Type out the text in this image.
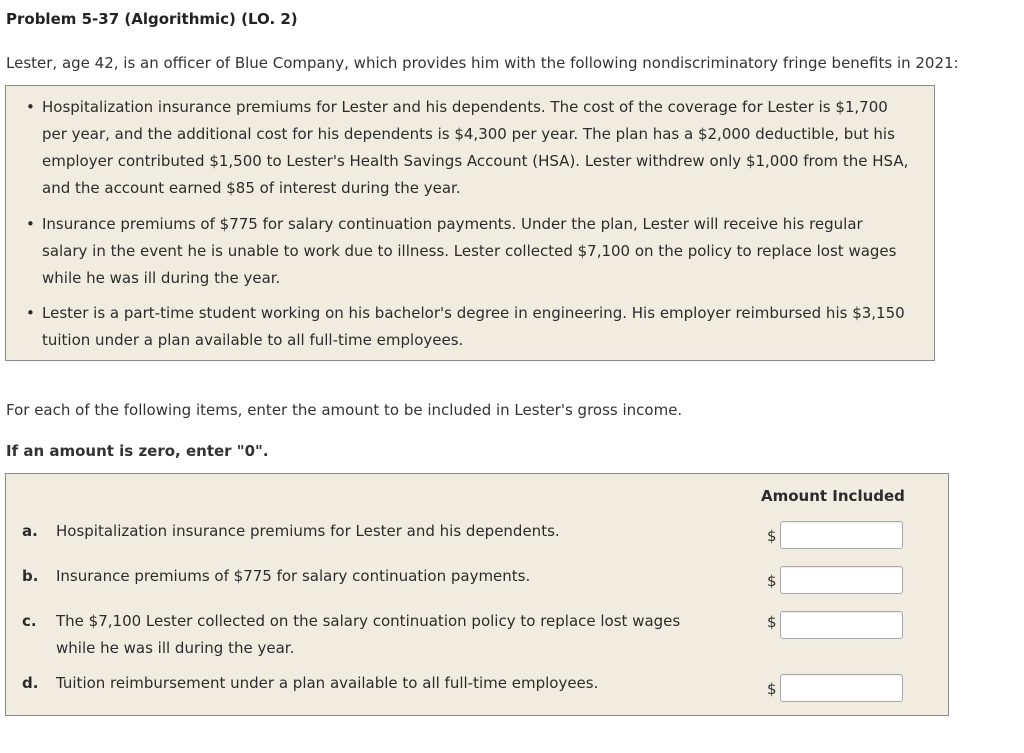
Problem 5-37 (Algorithmic) (LO. 2)

Lester, age 42, is an officer of Blue Company, which provides him with the following nondiscriminatory fringe benefits in 2021:

• Hospitalization insurance premiums for Lester and his dependents. The cost of the coverage for Lester is $1,700 per year, and the additional cost for his dependents is $4,300 per year. The plan has a $2,000 deductible, but his employer contributed $1,500 to Lester's Health Savings Account (HSA). Lester withdrew only $1,000 from the HSA, and the account earned $85 of interest during the year.
• Insurance premiums of $775 for salary continuation payments. Under the plan, Lester will receive his regular salary in the event he is unable to work due to illness. Lester collected $7,100 on the policy to replace lost wages while he was ill during the year.
• Lester is a part-time student working on his bachelor's degree in engineering. His employer reimbursed his $3,150 tuition under a plan available to all full-time employees.

For each of the following items, enter the amount to be included in Lester's gross income.

If an amount is zero, enter "0".

Amount Included
a. Hospitalization insurance premiums for Lester and his dependents.	$
b. Insurance premiums of $775 for salary continuation payments.	$
c. The $7,100 Lester collected on the salary continuation policy to replace lost wages while he was ill during the year.
$
d. Tuition reimbursement under a plan available to all full-time employees.	$
